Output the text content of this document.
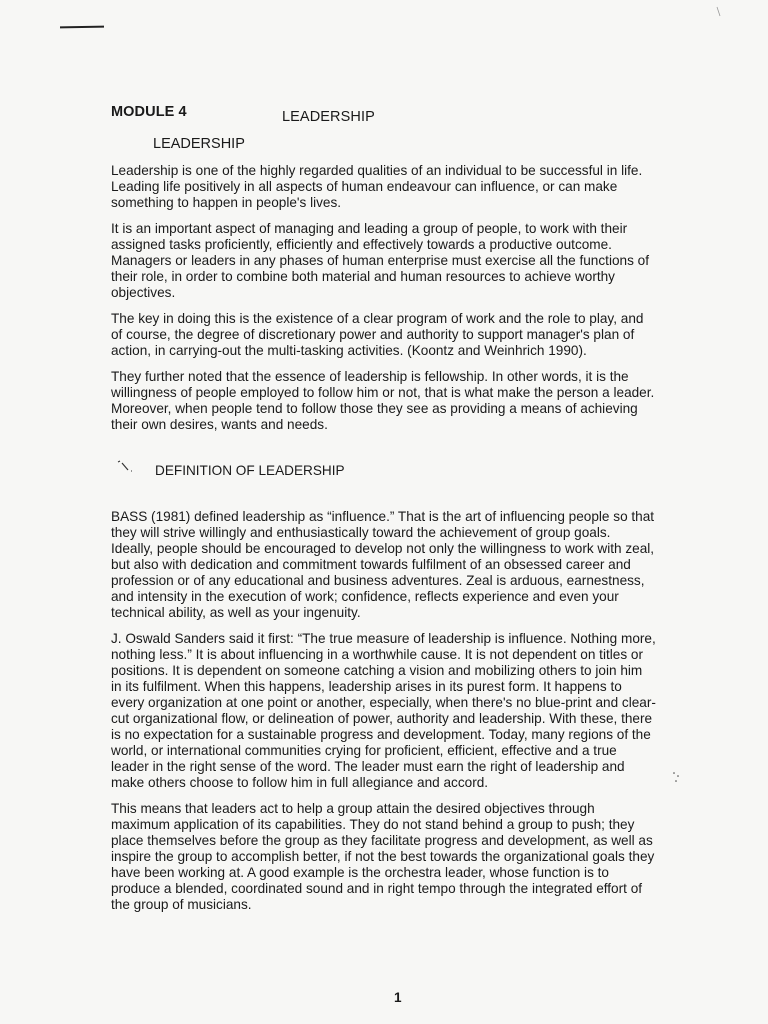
MODULE 4	LEADERSHIP
LEADERSHIP

Leadership is one of the highly regarded qualities of an individual to be successful in life. Leading life positively in all aspects of human endeavour can influence, or can make something to happen in people's lives.

It is an important aspect of managing and leading a group of people, to work with their assigned tasks proficiently, efficiently and effectively towards a productive outcome. Managers or leaders in any phases of human enterprise must exercise all the functions of their role, in order to combine both material and human resources to achieve worthy objectives.

The key in doing this is the existence of a clear program of work and the role to play, and of course, the degree of discretionary power and authority to support manager's plan of action, in carrying-out the multi-tasking activities. (Koontz and Weinhrich 1990).

They further noted that the essence of leadership is fellowship. In other words, it is the willingness of people employed to follow him or not, that is what make the person a leader. Moreover, when people tend to follow those they see as providing a means of achieving their own desires, wants and needs.

DEFINITION OF LEADERSHIP

BASS (1981) defined leadership as “influence.” That is the art of influencing people so that they will strive willingly and enthusiastically toward the achievement of group goals. Ideally, people should be encouraged to develop not only the willingness to work with zeal, but also with dedication and commitment towards fulfilment of an obsessed career and profession or of any educational and business adventures. Zeal is arduous, earnestness, and intensity in the execution of work; confidence, reflects experience and even your technical ability, as well as your ingenuity.

J. Oswald Sanders said it first: “The true measure of leadership is influence. Nothing more, nothing less.” It is about influencing in a worthwhile cause. It is not dependent on titles or positions. It is dependent on someone catching a vision and mobilizing others to join him in its fulfilment. When this happens, leadership arises in its purest form. It happens to every organization at one point or another, especially, when there's no blue-print and clear-cut organizational flow, or delineation of power, authority and leadership. With these, there is no expectation for a sustainable progress and development. Today, many regions of the world, or international communities crying for proficient, efficient, effective and a true leader in the right sense of the word. The leader must earn the right of leadership and make others choose to follow him in full allegiance and accord.

This means that leaders act to help a group attain the desired objectives through maximum application of its capabilities. They do not stand behind a group to push; they place themselves before the group as they facilitate progress and development, as well as inspire the group to accomplish better, if not the best towards the organizational goals they have been working at. A good example is the orchestra leader, whose function is to produce a blended, coordinated sound and in right tempo through the integrated effort of the group of musicians.

1
